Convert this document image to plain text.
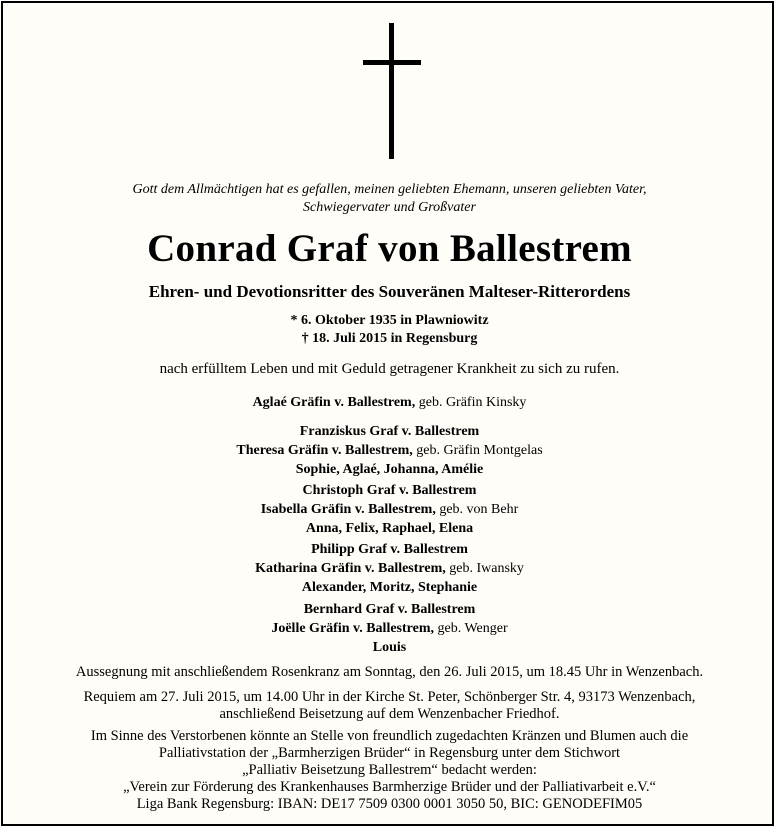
Gott dem Allmächtigen hat es gefallen, meinen geliebten Ehemann, unseren geliebten Vater,
Schwiegervater und Großvater
Conrad Graf von Ballestrem
Ehren- und Devotionsritter des Souveränen Malteser-Ritterordens
* 6. Oktober 1935 in Plawniowitz
† 18. Juli 2015 in Regensburg
nach erfülltem Leben und mit Geduld getragener Krankheit zu sich zu rufen.
Aglaé Gräfin v. Ballestrem, geb. Gräfin Kinsky
Franziskus Graf v. Ballestrem
Theresa Gräfin v. Ballestrem, geb. Gräfin Montgelas
Sophie, Aglaé, Johanna, Amélie
Christoph Graf v. Ballestrem
Isabella Gräfin v. Ballestrem, geb. von Behr
Anna, Felix, Raphael, Elena
Philipp Graf v. Ballestrem
Katharina Gräfin v. Ballestrem, geb. Iwansky
Alexander, Moritz, Stephanie
Bernhard Graf v. Ballestrem
Joëlle Gräfin v. Ballestrem, geb. Wenger
Louis
Aussegnung mit anschließendem Rosenkranz am Sonntag, den 26. Juli 2015, um 18.45 Uhr in Wenzenbach.
Requiem am 27. Juli 2015, um 14.00 Uhr in der Kirche St. Peter, Schönberger Str. 4, 93173 Wenzenbach,
anschließend Beisetzung auf dem Wenzenbacher Friedhof.
Im Sinne des Verstorbenen könnte an Stelle von freundlich zugedachten Kränzen und Blumen auch die
Palliativstation der „Barmherzigen Brüder“ in Regensburg unter dem Stichwort
„Palliativ Beisetzung Ballestrem“ bedacht werden:
„Verein zur Förderung des Krankenhauses Barmherzige Brüder und der Palliativarbeit e.V.“
Liga Bank Regensburg: IBAN: DE17 7509 0300 0001 3050 50, BIC: GENODEFIM05
